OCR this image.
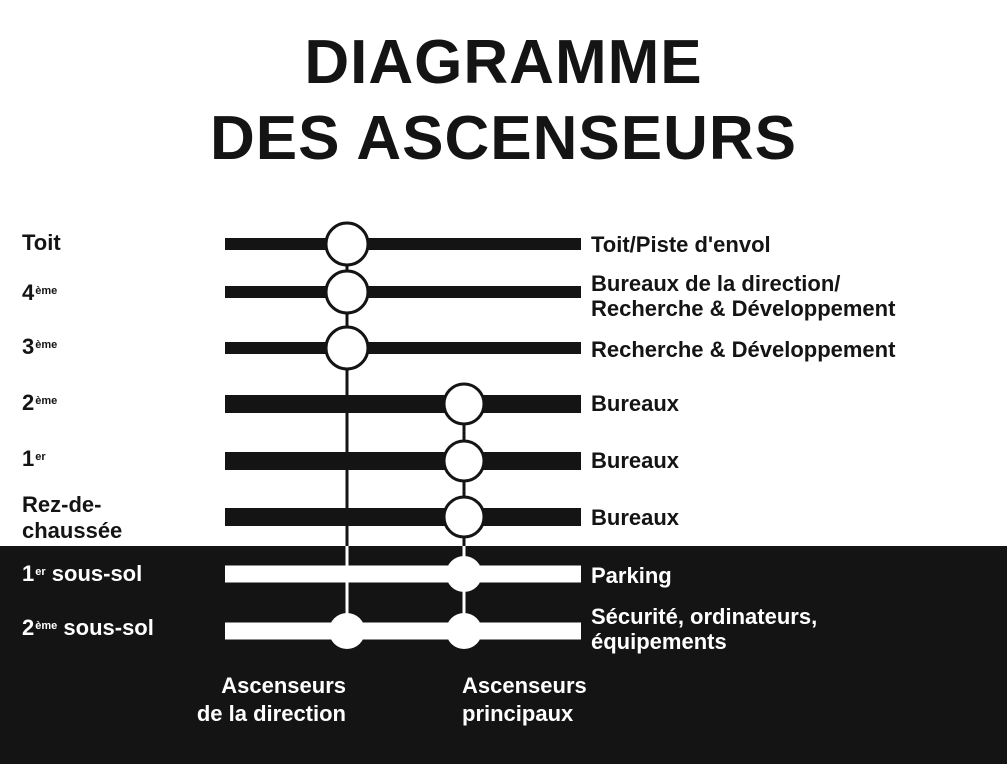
DIAGRAMME
DES ASCENSEURS
Toit
4ème
3ème
2ème
1er
Rez-de-
chaussée
1er sous-sol
2ème sous-sol
Toit/Piste d'envol
Bureaux de la direction/
Recherche & Développement
Recherche & Développement
Bureaux
Bureaux
Bureaux
Parking
Sécurité, ordinateurs,
équipements
Ascenseurs
de la direction
Ascenseurs
principaux
